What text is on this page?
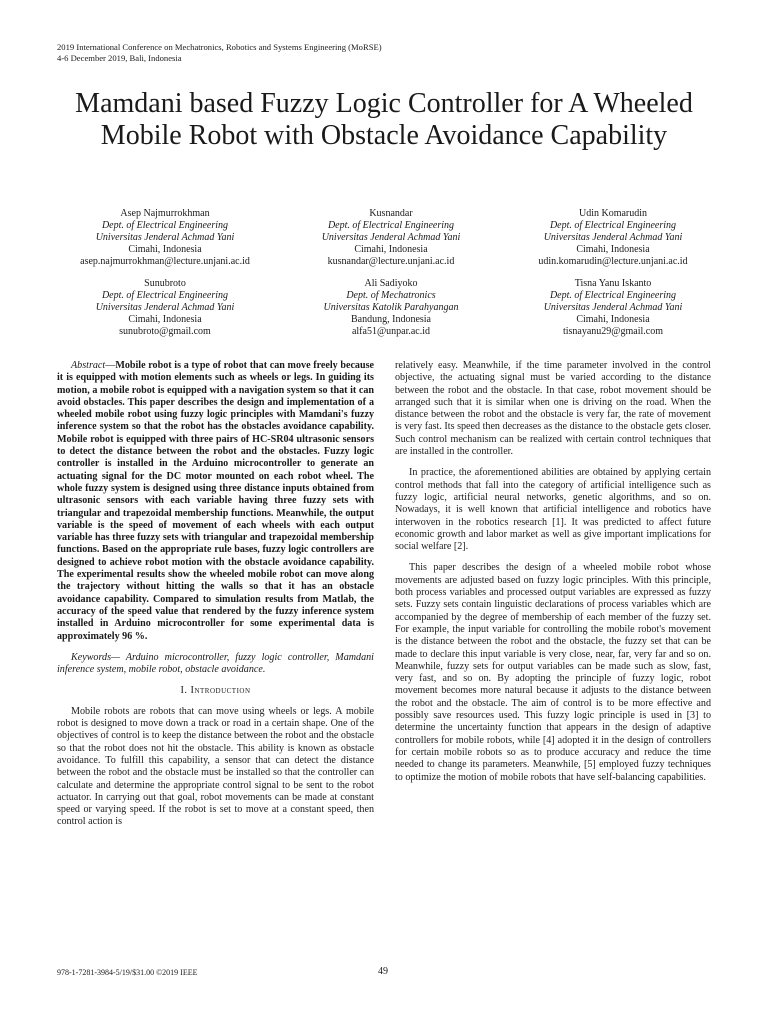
2019 International Conference on Mechatronics, Robotics and Systems Engineering (MoRSE)
4-6 December 2019, Bali, Indonesia
Mamdani based Fuzzy Logic Controller for A Wheeled Mobile Robot with Obstacle Avoidance Capability
Asep Najmurrokhman
Dept. of Electrical Engineering
Universitas Jenderal Achmad Yani
Cimahi, Indonesia
asep.najmurrokhman@lecture.unjani.ac.id
Kusnandar
Dept. of Electrical Engineering
Universitas Jenderal Achmad Yani
Cimahi, Indonesia
kusnandar@lecture.unjani.ac.id
Udin Komarudin
Dept. of Electrical Engineering
Universitas Jenderal Achmad Yani
Cimahi, Indonesia
udin.komarudin@lecture.unjani.ac.id
Sunubroto
Dept. of Electrical Engineering
Universitas Jenderal Achmad Yani
Cimahi, Indonesia
sunubroto@gmail.com
Ali Sadiyoko
Dept. of Mechatronics
Universitas Katolik Parahyangan
Bandung, Indonesia
alfa51@unpar.ac.id
Tisna Yanu Iskanto
Dept. of Electrical Engineering
Universitas Jenderal Achmad Yani
Cimahi, Indonesia
tisnayanu29@gmail.com

Abstract—Mobile robot is a type of robot that can move freely because it is equipped with motion elements such as wheels or legs. In guiding its motion, a mobile robot is equipped with a navigation system so that it can avoid obstacles. This paper describes the design and implementation of a wheeled mobile robot using fuzzy logic principles with Mamdani's fuzzy inference system so that the robot has the obstacles avoidance capability. Mobile robot is equipped with three pairs of HC-SR04 ultrasonic sensors to detect the distance between the robot and the obstacles. Fuzzy logic controller is installed in the Arduino microcontroller to generate an actuating signal for the DC motor mounted on each robot wheel. The whole fuzzy system is designed using three distance inputs obtained from ultrasonic sensors with each variable having three fuzzy sets with triangular and trapezoidal membership functions. Meanwhile, the output variable is the speed of movement of each wheels with each output variable has three fuzzy sets with triangular and trapezoidal membership functions. Based on the appropriate rule bases, fuzzy logic controllers are designed to achieve robot motion with the obstacle avoidance capability. The experimental results show the wheeled mobile robot can move along the trajectory without hitting the walls so that it has an obstacle avoidance capability. Compared to simulation results from Matlab, the accuracy of the speed value that rendered by the fuzzy inference system installed in Arduino microcontroller for some experimental data is approximately 96 %.

Keywords— Arduino microcontroller, fuzzy logic controller, Mamdani inference system, mobile robot, obstacle avoidance.

I. Introduction

Mobile robots are robots that can move using wheels or legs. A mobile robot is designed to move down a track or road in a certain shape. One of the objectives of control is to keep the distance between the robot and the obstacle so that the robot does not hit the obstacle. This ability is known as obstacle avoidance. To fulfill this capability, a sensor that can detect the distance between the robot and the obstacle must be installed so that the controller can calculate and determine the appropriate control signal to be sent to the robot actuator. In carrying out that goal, robot movements can be made at constant speed or varying speed. If the robot is set to move at a constant speed, then control action is

relatively easy. Meanwhile, if the time parameter involved in the control objective, the actuating signal must be varied according to the distance between the robot and the obstacle. In that case, robot movement should be arranged such that it is similar when one is driving on the road. When the distance between the robot and the obstacle is very far, the rate of movement is very fast. Its speed then decreases as the distance to the obstacle gets closer. Such control mechanism can be realized with certain control techniques that are installed in the controller.

In practice, the aforementioned abilities are obtained by applying certain control methods that fall into the category of artificial intelligence such as fuzzy logic, artificial neural networks, genetic algorithms, and so on. Nowadays, it is well known that artificial intelligence and robotics have interwoven in the robotics research [1]. It was predicted to affect future economic growth and labor market as well as give important implications for social welfare [2].

This paper describes the design of a wheeled mobile robot whose movements are adjusted based on fuzzy logic principles. With this principle, both process variables and processed output variables are expressed as fuzzy sets. Fuzzy sets contain linguistic declarations of process variables which are accompanied by the degree of membership of each member of the fuzzy set. For example, the input variable for controlling the mobile robot's movement is the distance between the robot and the obstacle, the fuzzy set that can be made to declare this input variable is very close, near, far, very far and so on. Meanwhile, fuzzy sets for output variables can be made such as slow, fast, very fast, and so on. By adopting the principle of fuzzy logic, robot movement becomes more natural because it adjusts to the distance between the robot and the obstacle. The aim of control is to be more effective and possibly save resources used. This fuzzy logic principle is used in [3] to determine the uncertainty function that appears in the design of adaptive controllers for mobile robots, while [4] adopted it in the design of controllers for certain mobile robots so as to produce accuracy and reduce the time needed to change its parameters. Meanwhile, [5] employed fuzzy techniques to optimize the motion of mobile robots that have self-balancing capabilities.

978-1-7281-3984-5/19/$31.00 ©2019 IEEE	49
